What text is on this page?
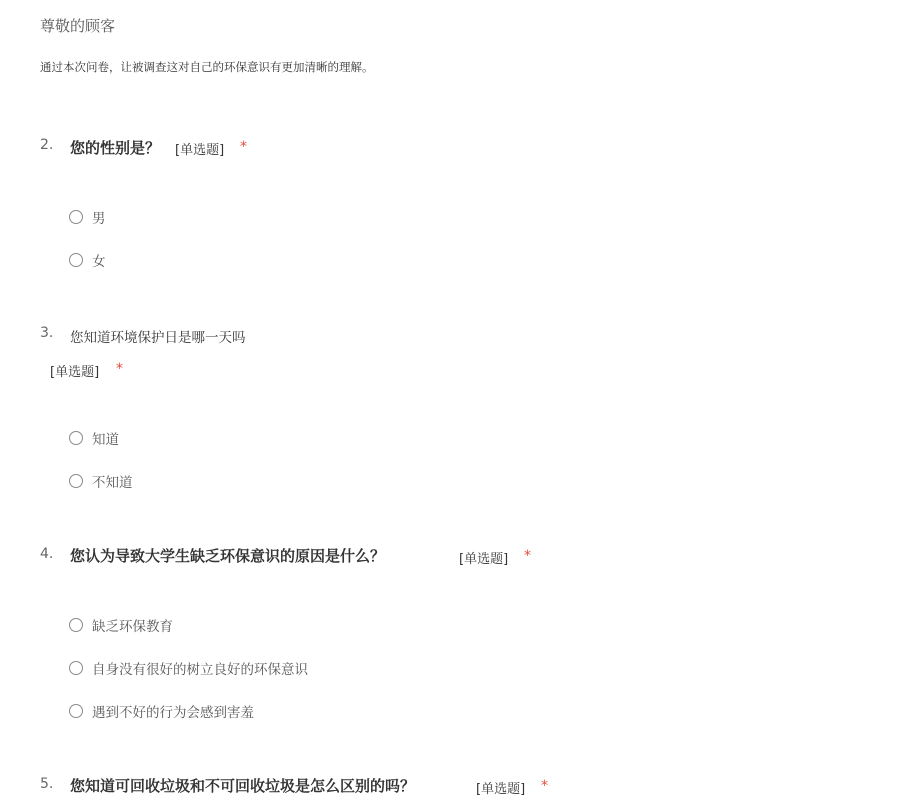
尊敬的顾客
通过本次问卷，让被调查这对自己的环保意识有更加清晰的理解。
2. 您的性别是？ [单选题] *
男
女
3. 您知道环境保护日是哪一天吗
[单选题] *
知道
不知道
4. 您认为导致大学生缺乏环保意识的原因是什么？	[单选题] *
缺乏环保教育
自身没有很好的树立良好的环保意识
遇到不好的行为会感到害羞
5. 您知道可回收垃圾和不可回收垃圾是怎么区别的吗？	[单选题] *
